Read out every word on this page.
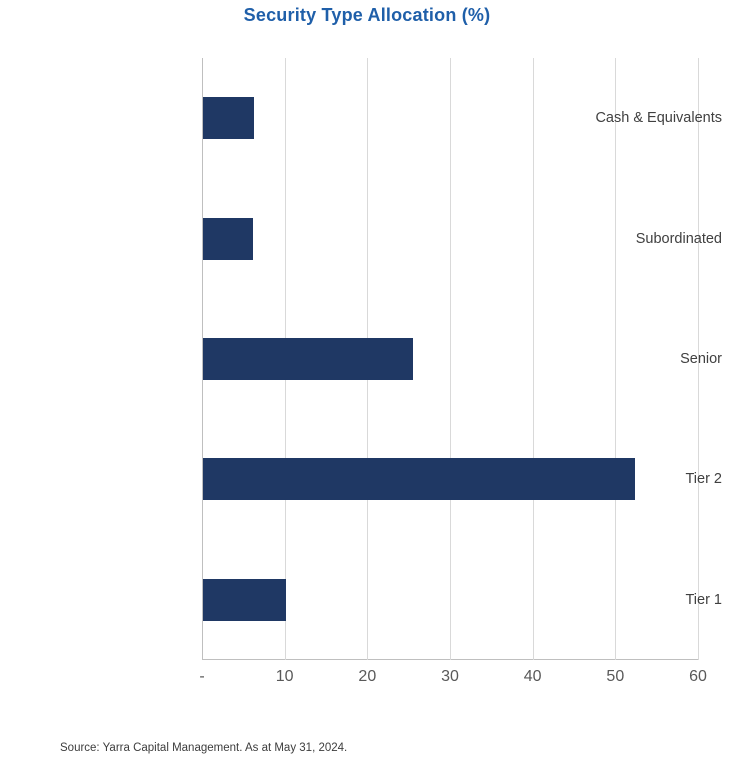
Security Type Allocation (%)
Tier 1
Tier 2
Senior
Subordinated
Cash & Equivalents
-	10	20	30	40	50	60
Source: Yarra Capital Management. As at May 31, 2024.
